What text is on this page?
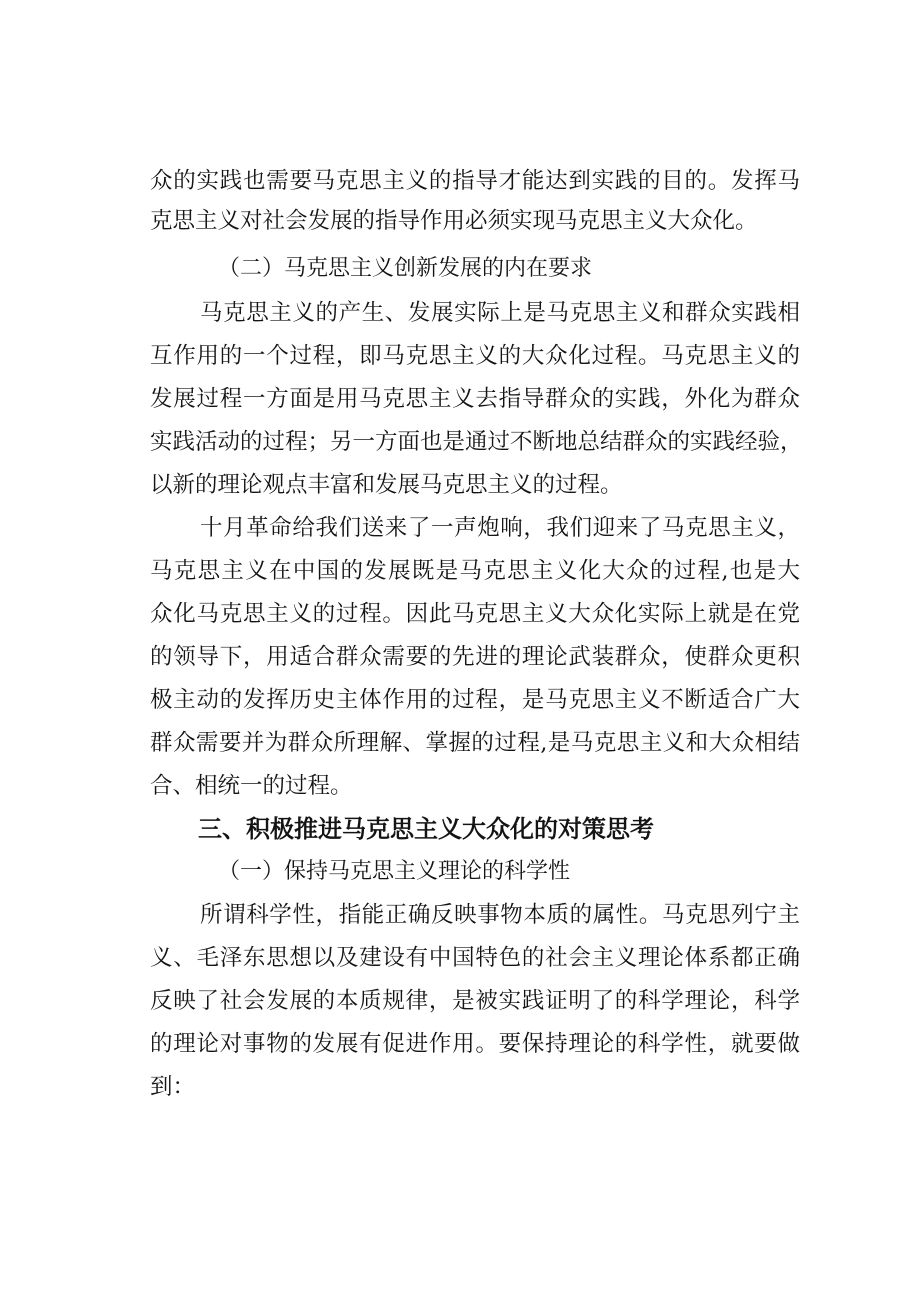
众的实践也需要马克思主义的指导才能达到实践的目的。发挥马
克思主义对社会发展的指导作用必须实现马克思主义大众化。
（二）马克思主义创新发展的内在要求
马克思主义的产生、发展实际上是马克思主义和群众实践相
互作用的一个过程，即马克思主义的大众化过程。马克思主义的
发展过程一方面是用马克思主义去指导群众的实践，外化为群众
实践活动的过程；另一方面也是通过不断地总结群众的实践经验，
以新的理论观点丰富和发展马克思主义的过程。
十月革命给我们送来了一声炮响，我们迎来了马克思主义，
马克思主义在中国的发展既是马克思主义化大众的过程,也是大
众化马克思主义的过程。因此马克思主义大众化实际上就是在党
的领导下，用适合群众需要的先进的理论武装群众，使群众更积
极主动的发挥历史主体作用的过程，是马克思主义不断适合广大
群众需要并为群众所理解、掌握的过程,是马克思主义和大众相结
合、相统一的过程。
三、积极推进马克思主义大众化的对策思考
（一）保持马克思主义理论的科学性
所谓科学性，指能正确反映事物本质的属性。马克思列宁主
义、毛泽东思想以及建设有中国特色的社会主义理论体系都正确
反映了社会发展的本质规律，是被实践证明了的科学理论，科学
的理论对事物的发展有促进作用。要保持理论的科学性，就要做
到：
